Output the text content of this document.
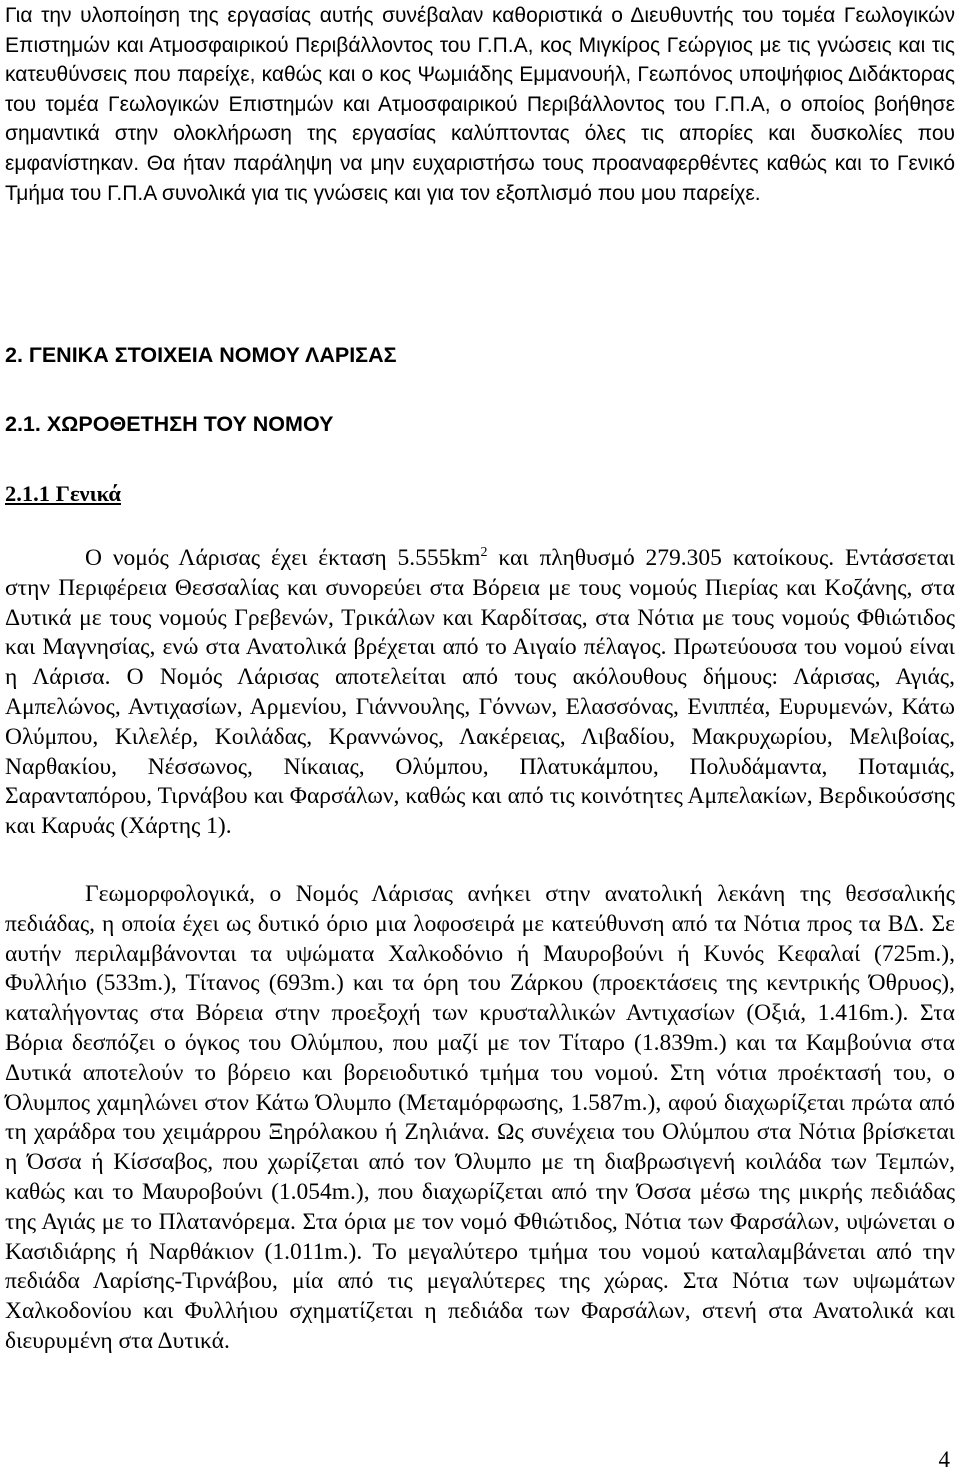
Για την υλοποίηση της εργασίας αυτής συνέβαλαν καθοριστικά ο Διευθυντής του τομέα Γεωλογικών Επιστημών και Ατμοσφαιρικού Περιβάλλοντος του Γ.Π.Α, κος Μιγκίρος Γεώργιος με τις γνώσεις και τις κατευθύνσεις που παρείχε, καθώς και ο κος Ψωμιάδης Εμμανουήλ, Γεωπόνος υποψήφιος Διδάκτορας του τομέα Γεωλογικών Επιστημών και Ατμοσφαιρικού Περιβάλλοντος του Γ.Π.Α, ο οποίος βοήθησε σημαντικά στην ολοκλήρωση της εργασίας καλύπτοντας όλες τις απορίες και δυσκολίες που εμφανίστηκαν. Θα ήταν παράληψη να μην ευχαριστήσω τους προαναφερθέντες καθώς και το Γενικό Τμήμα του Γ.Π.Α συνολικά για τις γνώσεις και για τον εξοπλισμό που μου παρείχε.

2. ΓΕΝΙΚΑ ΣΤΟΙΧΕΙΑ ΝΟΜΟΥ ΛΑΡΙΣΑΣ

2.1. ΧΩΡΟΘΕΤΗΣΗ ΤΟΥ ΝΟΜΟΥ

2.1.1 Γενικά

Ο νομός Λάρισας έχει έκταση $5.555km^2$ και πληθυσμό 279.305 κατοίκους. Εντάσσεται στην Περιφέρεια Θεσσαλίας και συνορεύει στα Βόρεια με τους νομούς Πιερίας και Κοζάνης, στα Δυτικά με τους νομούς Γρεβενών, Τρικάλων και Καρδίτσας, στα Νότια με τους νομούς Φθιώτιδος και Μαγνησίας, ενώ στα Ανατολικά βρέχεται από το Αιγαίο πέλαγος. Πρωτεύουσα του νομού είναι η Λάρισα. Ο Νομός Λάρισας αποτελείται από τους ακόλουθους δήμους: Λάρισας, Αγιάς, Αμπελώνος, Αντιχασίων, Αρμενίου, Γιάννουλης, Γόννων, Ελασσόνας, Ενιππέα, Ευρυμενών, Κάτω Ολύμπου, Κιλελέρ, Κοιλάδας, Κραννώνος, Λακέρειας, Λιβαδίου, Μακρυχωρίου, Μελιβοίας, Ναρθακίου, Νέσσωνος, Νίκαιας, Ολύμπου, Πλατυκάμπου, Πολυδάμαντα, Ποταμιάς, Σαρανταπόρου, Τιρνάβου και Φαρσάλων, καθώς και από τις κοινότητες Αμπελακίων, Βερδικούσσης και Καρυάς (Χάρτης 1).

Γεωμορφολογικά, ο Νομός Λάρισας ανήκει στην ανατολική λεκάνη της θεσσαλικής πεδιάδας, η οποία έχει ως δυτικό όριο μια λοφοσειρά με κατεύθυνση από τα Νότια προς τα ΒΔ. Σε αυτήν περιλαμβάνονται τα υψώματα Χαλκοδόνιο ή Μαυροβούνι ή Κυνός Κεφαλαί (725m.), Φυλλήιο (533m.), Τίτανος (693m.) και τα όρη του Ζάρκου (προεκτάσεις της κεντρικής Όθρυος), καταλήγοντας στα Βόρεια στην προεξοχή των κρυσταλλικών Αντιχασίων (Οξιά, 1.416m.). Στα Βόρια δεσπόζει ο όγκος του Ολύμπου, που μαζί με τον Τίταρο (1.839m.) και τα Καμβούνια στα Δυτικά αποτελούν το βόρειο και βορειοδυτικό τμήμα του νομού. Στη νότια προέκτασή του, ο Όλυμπος χαμηλώνει στον Κάτω Όλυμπο (Μεταμόρφωσης, 1.587m.), αφού διαχωρίζεται πρώτα από τη χαράδρα του χειμάρρου Ξηρόλακου ή Ζηλιάνα. Ως συνέχεια του Ολύμπου στα Νότια βρίσκεται η Όσσα ή Κίσσαβος, που χωρίζεται από τον Όλυμπο με τη διαβρωσιγενή κοιλάδα των Τεμπών, καθώς και το Μαυροβούνι (1.054m.), που διαχωρίζεται από την Όσσα μέσω της μικρής πεδιάδας της Αγιάς με το Πλατανόρεμα. Στα όρια με τον νομό Φθιώτιδος, Νότια των Φαρσάλων, υψώνεται ο Κασιδιάρης ή Ναρθάκιον (1.011m.). Το μεγαλύτερο τμήμα του νομού καταλαμβάνεται από την πεδιάδα Λαρίσης-Τιρνάβου, μία από τις μεγαλύτερες της χώρας. Στα Νότια των υψωμάτων Χαλκοδονίου και Φυλλήιου σχηματίζεται η πεδιάδα των Φαρσάλων, στενή στα Ανατολικά και διευρυμένη στα Δυτικά.

4
